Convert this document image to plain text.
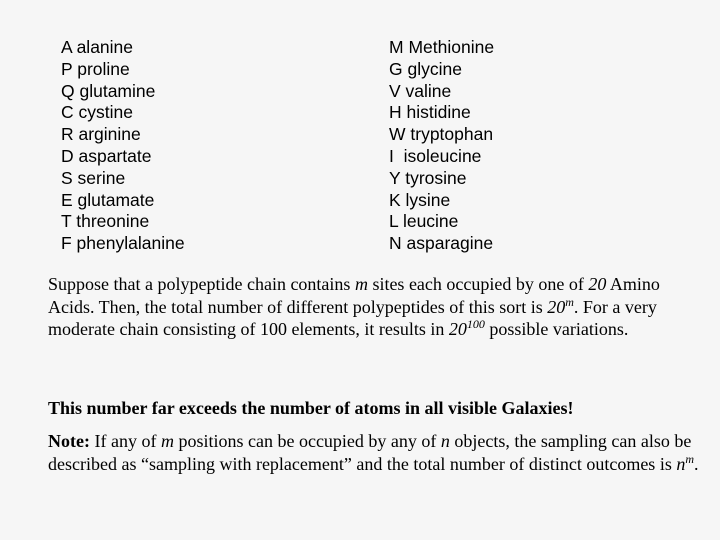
A alanine
P proline
Q glutamine
C cystine
R arginine
D aspartate
S serine
E glutamate
T threonine
F phenylalanine
M Methionine
G glycine
V valine
H histidine
W tryptophan
I  isoleucine
Y tyrosine
K lysine
L leucine
N asparagine

Suppose that a polypeptide chain contains m sites each occupied by one of 20 Amino Acids. Then, the total number of different polypeptides of this sort is 20$^m$. For a very moderate chain consisting of 100 elements, it results in $20^{100}$ possible variations.

This number far exceeds the number of atoms in all visible Galaxies!

Note: If any of m positions can be occupied by any of n objects, the sampling can also be described as “sampling with replacement” and the total number of distinct outcomes is $n^m$.
